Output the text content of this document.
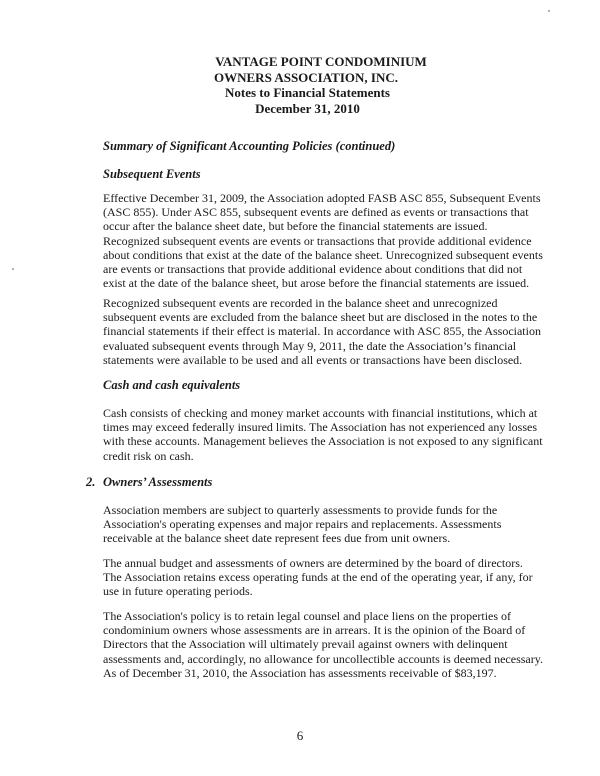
VANTAGE POINT CONDOMINIUM
OWNERS ASSOCIATION, INC.
Notes to Financial Statements
December 31, 2010
Summary of Significant Accounting Policies (continued)
Subsequent Events

Effective December 31, 2009, the Association adopted FASB ASC 855, Subsequent Events (ASC 855). Under ASC 855, subsequent events are defined as events or transactions that occur after the balance sheet date, but before the financial statements are issued. Recognized subsequent events are events or transactions that provide additional evidence about conditions that exist at the date of the balance sheet. Unrecognized subsequent events are events or transactions that provide additional evidence about conditions that did not exist at the date of the balance sheet, but arose before the financial statements are issued.

Recognized subsequent events are recorded in the balance sheet and unrecognized subsequent events are excluded from the balance sheet but are disclosed in the notes to the financial statements if their effect is material. In accordance with ASC 855, the Association evaluated subsequent events through May 9, 2011, the date the Association’s financial statements were available to be used and all events or transactions have been disclosed.

Cash and cash equivalents

Cash consists of checking and money market accounts with financial institutions, which at times may exceed federally insured limits. The Association has not experienced any losses with these accounts. Management believes the Association is not exposed to any significant credit risk on cash.

2. Owners’ Assessments

Association members are subject to quarterly assessments to provide funds for the Association's operating expenses and major repairs and replacements. Assessments receivable at the balance sheet date represent fees due from unit owners.

The annual budget and assessments of owners are determined by the board of directors. The Association retains excess operating funds at the end of the operating year, if any, for use in future operating periods.

The Association's policy is to retain legal counsel and place liens on the properties of condominium owners whose assessments are in arrears. It is the opinion of the Board of Directors that the Association will ultimately prevail against owners with delinquent assessments and, accordingly, no allowance for uncollectible accounts is deemed necessary. As of December 31, 2010, the Association has assessments receivable of $83,197.

6
